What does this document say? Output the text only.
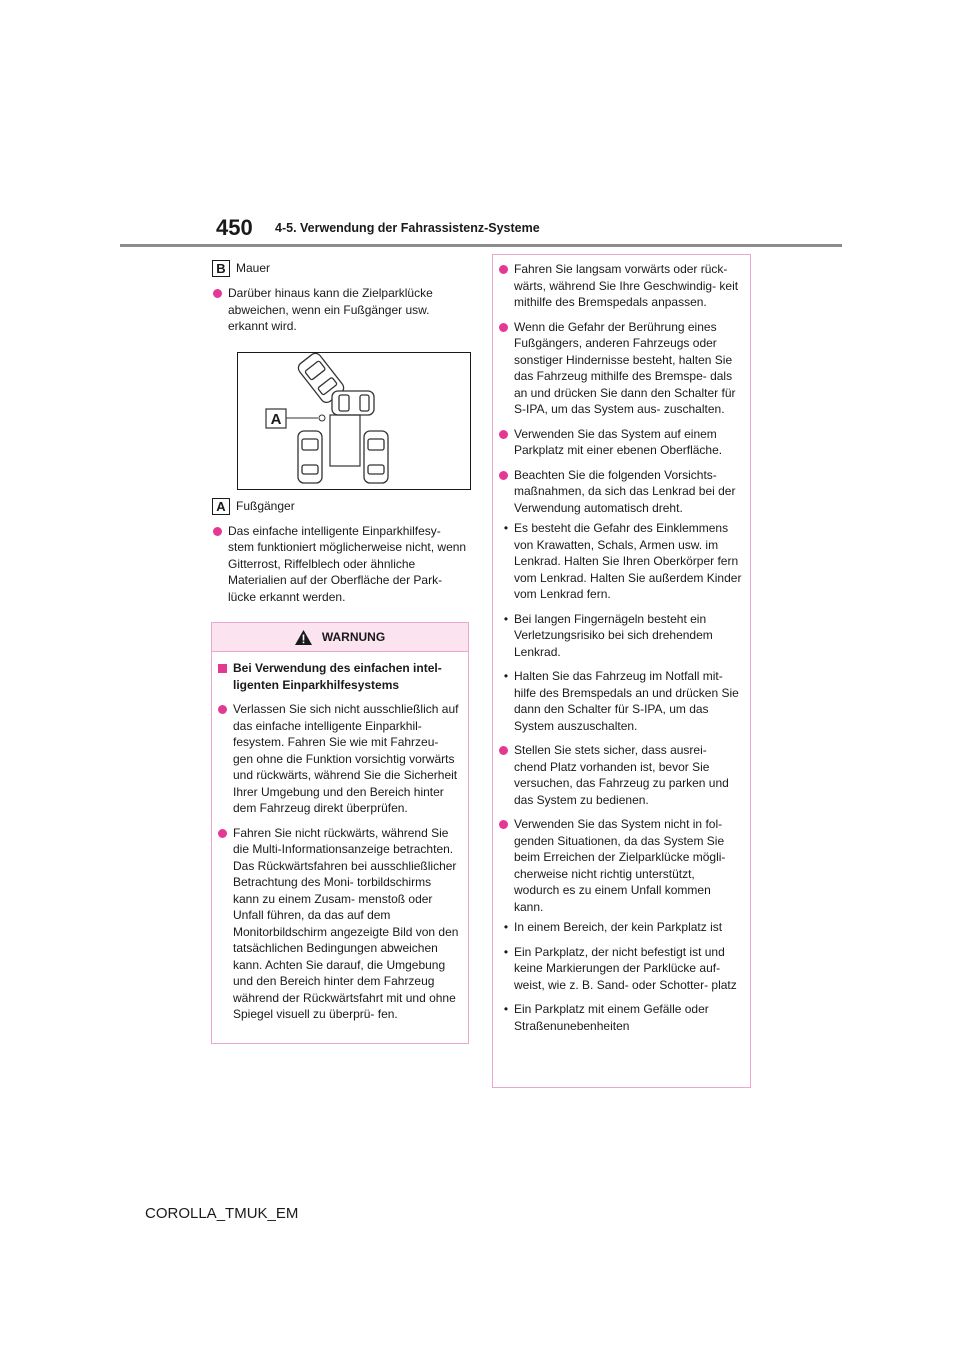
450 4-5. Verwendung der Fahrassistenz-Systeme
B Mauer
Darüber hinaus kann die Zielparklücke abweichen, wenn ein Fußgänger usw. erkannt wird.
A
A Fußgänger
Das einfache intelligente Einparkhilfesy- stem funktioniert möglicherweise nicht, wenn Gitterrost, Riffelblech oder ähnliche Materialien auf der Oberfläche der Park- lücke erkannt werden.
WARNUNG
Bei Verwendung des einfachen intel- ligenten Einparkhilfesystems
Verlassen Sie sich nicht ausschließlich auf das einfache intelligente Einparkhil- fesystem. Fahren Sie wie mit Fahrzeu- gen ohne die Funktion vorsichtig vorwärts und rückwärts, während Sie die Sicherheit Ihrer Umgebung und den Bereich hinter dem Fahrzeug direkt überprüfen.
Fahren Sie nicht rückwärts, während Sie die Multi-Informationsanzeige betrachten. Das Rückwärtsfahren bei ausschließlicher Betrachtung des Moni- torbildschirms kann zu einem Zusam- menstoß oder Unfall führen, da das auf dem Monitorbildschirm angezeigte Bild von den tatsächlichen Bedingungen abweichen kann. Achten Sie darauf, die Umgebung und den Bereich hinter dem Fahrzeug während der Rückwärtsfahrt mit und ohne Spiegel visuell zu überprü- fen.
Fahren Sie langsam vorwärts oder rück- wärts, während Sie Ihre Geschwindig- keit mithilfe des Bremspedals anpassen.
Wenn die Gefahr der Berührung eines Fußgängers, anderen Fahrzeugs oder sonstiger Hindernisse besteht, halten Sie das Fahrzeug mithilfe des Bremspe- dals an und drücken Sie dann den Schalter für S-IPA, um das System aus- zuschalten.
Verwenden Sie das System auf einem Parkplatz mit einer ebenen Oberfläche.
Beachten Sie die folgenden Vorsichts- maßnahmen, da sich das Lenkrad bei der Verwendung automatisch dreht.
• Es besteht die Gefahr des Einklemmens von Krawatten, Schals, Armen usw. im Lenkrad. Halten Sie Ihren Oberkörper fern vom Lenkrad. Halten Sie außerdem Kinder vom Lenkrad fern.
• Bei langen Fingernägeln besteht ein Verletzungsrisiko bei sich drehendem Lenkrad.
• Halten Sie das Fahrzeug im Notfall mit- hilfe des Bremspedals an und drücken Sie dann den Schalter für S-IPA, um das System auszuschalten.
Stellen Sie stets sicher, dass ausrei- chend Platz vorhanden ist, bevor Sie versuchen, das Fahrzeug zu parken und das System zu bedienen.
Verwenden Sie das System nicht in fol- genden Situationen, da das System Sie beim Erreichen der Zielparklücke mögli- cherweise nicht richtig unterstützt, wodurch es zu einem Unfall kommen kann.
• In einem Bereich, der kein Parkplatz ist
• Ein Parkplatz, der nicht befestigt ist und keine Markierungen der Parklücke auf- weist, wie z. B. Sand- oder Schotter- platz
• Ein Parkplatz mit einem Gefälle oder Straßenunebenheiten
COROLLA_TMUK_EM
